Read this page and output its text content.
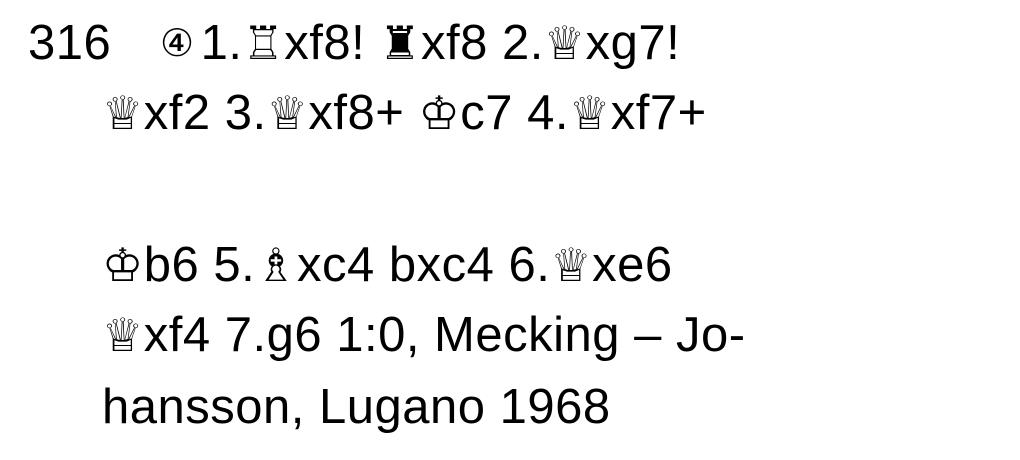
316 ④ 1.♖xf8! ♜xf8 2.♕xg7!
♕xf2 3.♕xf8+ ♔c7 4.♕xf7+
♔b6 5.♗xc4 bxc4 6.♕xe6
♕xf4 7.g6 1:0, Mecking – Jo-
hansson, Lugano 1968
